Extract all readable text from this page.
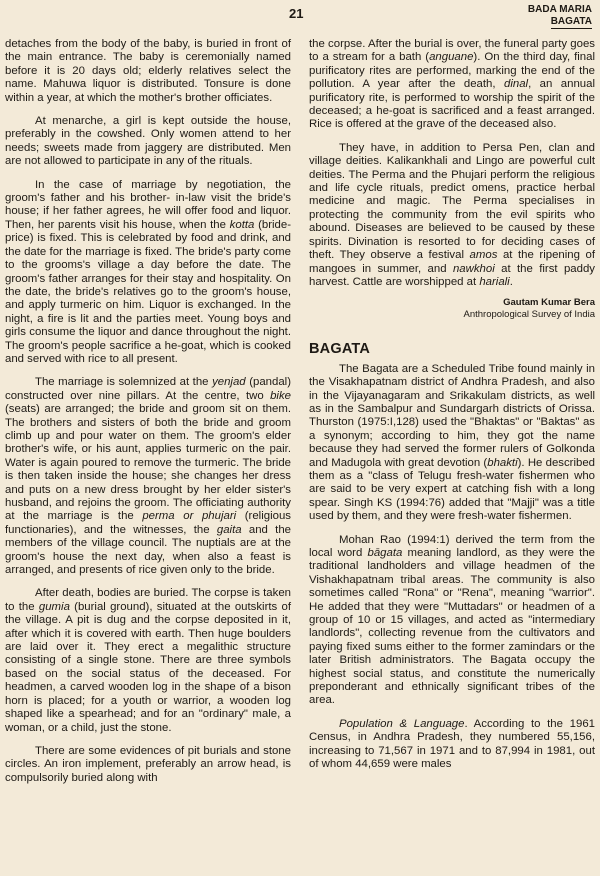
21	BADA MARIA
BAGATA

detaches from the body of the baby, is buried in front of the main entrance. The baby is ceremonially named before it is 20 days old; elderly relatives select the name. Mahuwa liquor is distributed. Tonsure is done within a year, at which the mother's brother officiates.

At menarche, a girl is kept outside the house, preferably in the cowshed. Only women attend to her needs; sweets made from jaggery are distributed. Men are not allowed to participate in any of the rituals.

In the case of marriage by negotiation, the groom's father and his brother- in-law visit the bride's house; if her father agrees, he will offer food and liquor. Then, her parents visit his house, when the kotta (bride-price) is fixed. This is celebrated by food and drink, and the date for the marriage is fixed. The bride's party come to the grooms's village a day before the date. The groom's father arranges for their stay and hospitality. On the date, the bride's relatives go to the groom's house, and apply turmeric on him. Liquor is exchanged. In the night, a fire is lit and the parties meet. Young boys and girls consume the liquor and dance throughout the night. The groom's people sacrifice a he-goat, which is cooked and served with rice to all present.

The marriage is solemnized at the yenjad (pandal) constructed over nine pillars. At the centre, two bike (seats) are arranged; the bride and groom sit on them. The brothers and sisters of both the bride and groom climb up and pour water on them. The groom's elder brother's wife, or his aunt, applies turmeric on the pair. Water is again poured to remove the turmeric. The bride is then taken inside the house; she changes her dress and puts on a new dress brought by her elder sister's husband, and rejoins the groom. The officiating authority at the marriage is the perma or phujari (religious functionaries), and the witnesses, the gaita and the members of the village council. The nuptials are at the groom's house the next day, when also a feast is arranged, and presents of rice given only to the bride.

After death, bodies are buried. The corpse is taken to the gumia (burial ground), situated at the outskirts of the village. A pit is dug and the corpse deposited in it, after which it is covered with earth. Then huge boulders are laid over it. They erect a megalithic structure consisting of a single stone. There are three symbols based on the social status of the deceased. For headmen, a carved wooden log in the shape of a bison horn is placed; for a youth or warrior, a wooden log shaped like a spearhead; and for an "ordinary" male, a woman, or a child, just the stone.

There are some evidences of pit burials and stone circles. An iron implement, preferably an arrow head, is compulsorily buried along with

the corpse. After the burial is over, the funeral party goes to a stream for a bath (anguane). On the third day, final purificatory rites are performed, marking the end of the pollution. A year after the death, dinal, an annual purificatory rite, is performed to worship the spirit of the deceased; a he-goat is sacrificed and a feast arranged. Rice is offered at the grave of the deceased also.

They have, in addition to Persa Pen, clan and village deities. Kalikankhali and Lingo are powerful cult deities. The Perma and the Phujari perform the religious and life cycle rituals, predict omens, practice herbal medicine and magic. The Perma specialises in protecting the community from the evil spirits who abound. Diseases are believed to be caused by these spirits. Divination is resorted to for deciding cases of theft. They observe a festival amos at the ripening of mangoes in summer, and nawkhoi at the first paddy harvest. Cattle are worshipped at hariali.

Gautam Kumar Bera
Anthropological Survey of India
BAGATA

The Bagata are a Scheduled Tribe found mainly in the Visakhapatnam district of Andhra Pradesh, and also in the Vijayanagaram and Srikakulam districts, as well as in the Sambalpur and Sundargarh districts of Orissa. Thurston (1975:I,128) used the "Bhaktas" or "Baktas" as a synonym; according to him, they got the name because they had served the former rulers of Golkonda and Madugola with great devotion (bhakti). He described them as a "class of Telugu fresh-water fishermen who are said to be very expert at catching fish with a long spear. Singh KS (1994:76) added that "Majji" was a title used by them, and they were fresh-water fishermen.

Mohan Rao (1994:1) derived the term from the local word bāgata meaning landlord, as they were the traditional landholders and village headmen of the Vishakhapatnam tribal areas. The community is also sometimes called "Rona" or "Rena", meaning "warrior". He added that they were "Muttadars" or headmen of a group of 10 or 15 villages, and acted as "intermediary landlords", collecting revenue from the cultivators and paying fixed sums either to the former zamindars or the later British administrators. The Bagata occupy the highest social status, and constitute the numerically preponderant and ethnically significant tribes of the area.

Population & Language. According to the 1961 Census, in Andhra Pradesh, they numbered 55,156, increasing to 71,567 in 1971 and to 87,994 in 1981, out of whom 44,659 were males
